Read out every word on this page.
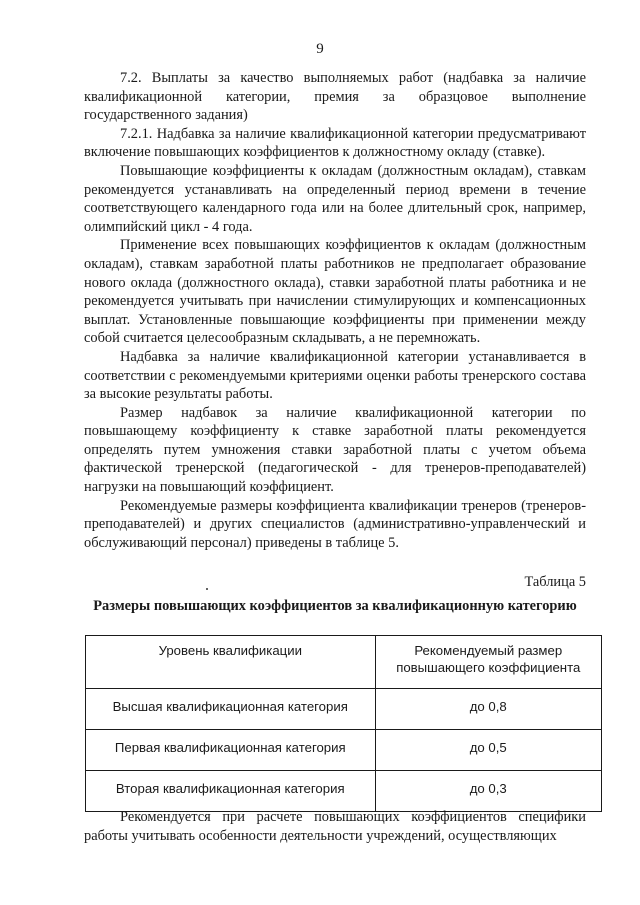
9

7.2. Выплаты за качество выполняемых работ (надбавка за наличие квалификационной категории, премия за образцовое выполнение государственного задания)

7.2.1. Надбавка за наличие квалификационной категории предусматривают включение повышающих коэффициентов к должностному окладу (ставке).

Повышающие коэффициенты к окладам (должностным окладам), ставкам рекомендуется устанавливать на определенный период времени в течение соответствующего календарного года или на более длительный срок, например, олимпийский цикл - 4 года.

Применение всех повышающих коэффициентов к окладам (должностным окладам), ставкам заработной платы работников не предполагает образование нового оклада (должностного оклада), ставки заработной платы работника и не рекомендуется учитывать при начислении стимулирующих и компенсационных выплат. Установленные повышающие коэффициенты при применении между собой считается целесообразным складывать, а не перемножать.

Надбавка за наличие квалификационной категории устанавливается в соответствии с рекомендуемыми критериями оценки работы тренерского состава за высокие результаты работы.

Размер надбавок за наличие квалификационной категории по повышающему коэффициенту к ставке заработной платы рекомендуется определять путем умножения ставки заработной платы с учетом объема фактической тренерской (педагогической - для тренеров-преподавателей) нагрузки на повышающий коэффициент.

Рекомендуемые размеры коэффициента квалификации тренеров (тренеров-преподавателей) и других специалистов (административно-управленческий и обслуживающий персонал) приведены в таблице 5.

Таблица 5
Размеры повышающих коэффициентов за квалификационную категорию
Уровень квалификации	Рекомендуемый размер повышающего коэффициента
Высшая квалификационная категория	до 0,8
Первая квалификационная категория	до 0,5
Вторая квалификационная категория	до 0,3

Рекомендуется при расчете повышающих коэффициентов специфики работы учитывать особенности деятельности учреждений, осуществляющих
